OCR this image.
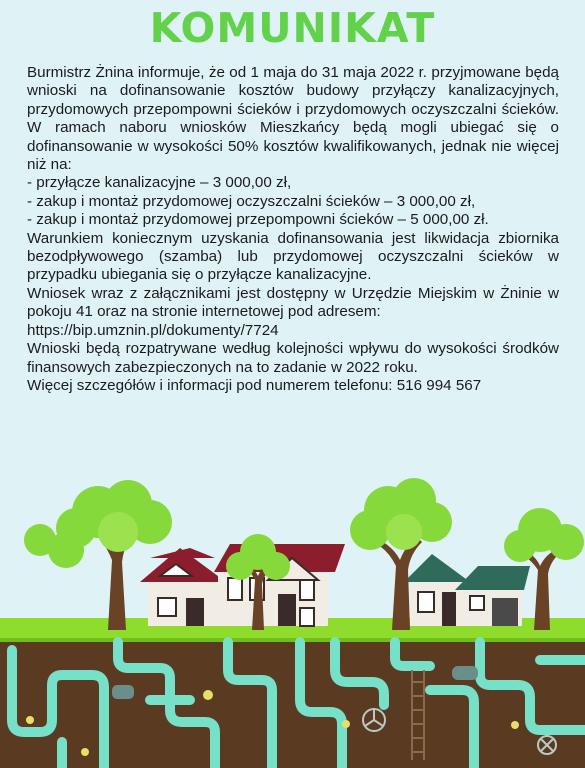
KOMUNIKAT

Burmistrz Żnina informuje, że od 1 maja do 31 maja 2022 r. przyjmowane będą wnioski na dofinansowanie kosztów budowy przyłączy kanalizacyjnych, przydomowych przepompowni ścieków i przydomowych oczyszczalni ścieków. W ramach naboru wniosków Mieszkańcy będą mogli ubiegać się o dofinansowanie w wysokości 50% kosztów kwalifikowanych, jednak nie więcej niż na:

- przyłącze kanalizacyjne – 3 000,00 zł,

- zakup i montaż przydomowej oczyszczalni ścieków – 3 000,00 zł,

- zakup i montaż przydomowej przepompowni ścieków – 5 000,00 zł.

Warunkiem koniecznym uzyskania dofinansowania jest likwidacja zbiornika bezodpływowego (szamba) lub przydomowej oczyszczalni ścieków w przypadku ubiegania się o przyłącze kanalizacyjne.

Wniosek wraz z załącznikami jest dostępny w Urzędzie Miejskim w Żninie w pokoju 41 oraz na stronie internetowej pod adresem:

https://bip.umznin.pl/dokumenty/7724

Wnioski będą rozpatrywane według kolejności wpływu do wysokości środków finansowych zabezpieczonych na to zadanie w 2022 roku.

Więcej szczegółów i informacji pod numerem telefonu: 516 994 567
